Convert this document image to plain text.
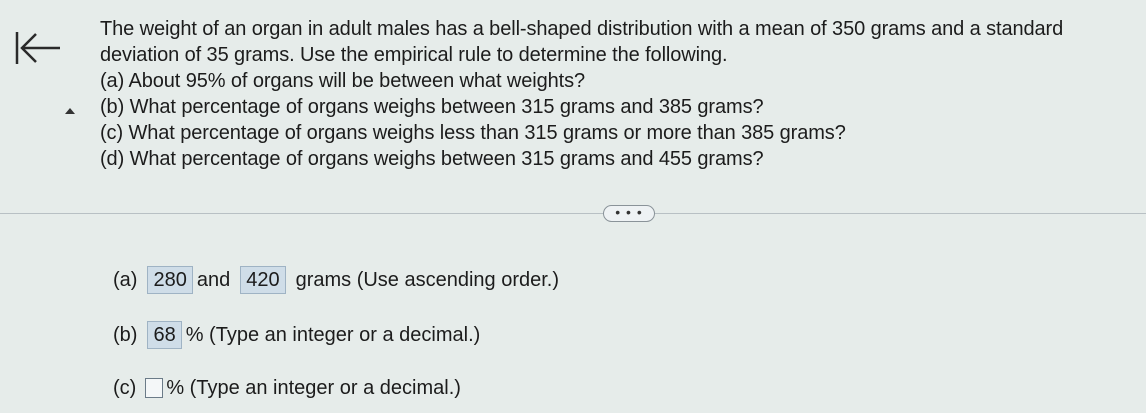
The weight of an organ in adult males has a bell-shaped distribution with a mean of 350 grams and a standard
deviation of 35 grams. Use the empirical rule to determine the following.
(a) About 95% of organs will be between what weights?
(b) What percentage of organs weighs between 315 grams and 385 grams?
(c) What percentage of organs weighs less than 315 grams or more than 385 grams?
(d) What percentage of organs weighs between 315 grams and 455 grams?
• • •
(a) 280 and 420 grams (Use ascending order.)
(b) 68 % (Type an integer or a decimal.)
(c) % (Type an integer or a decimal.)
